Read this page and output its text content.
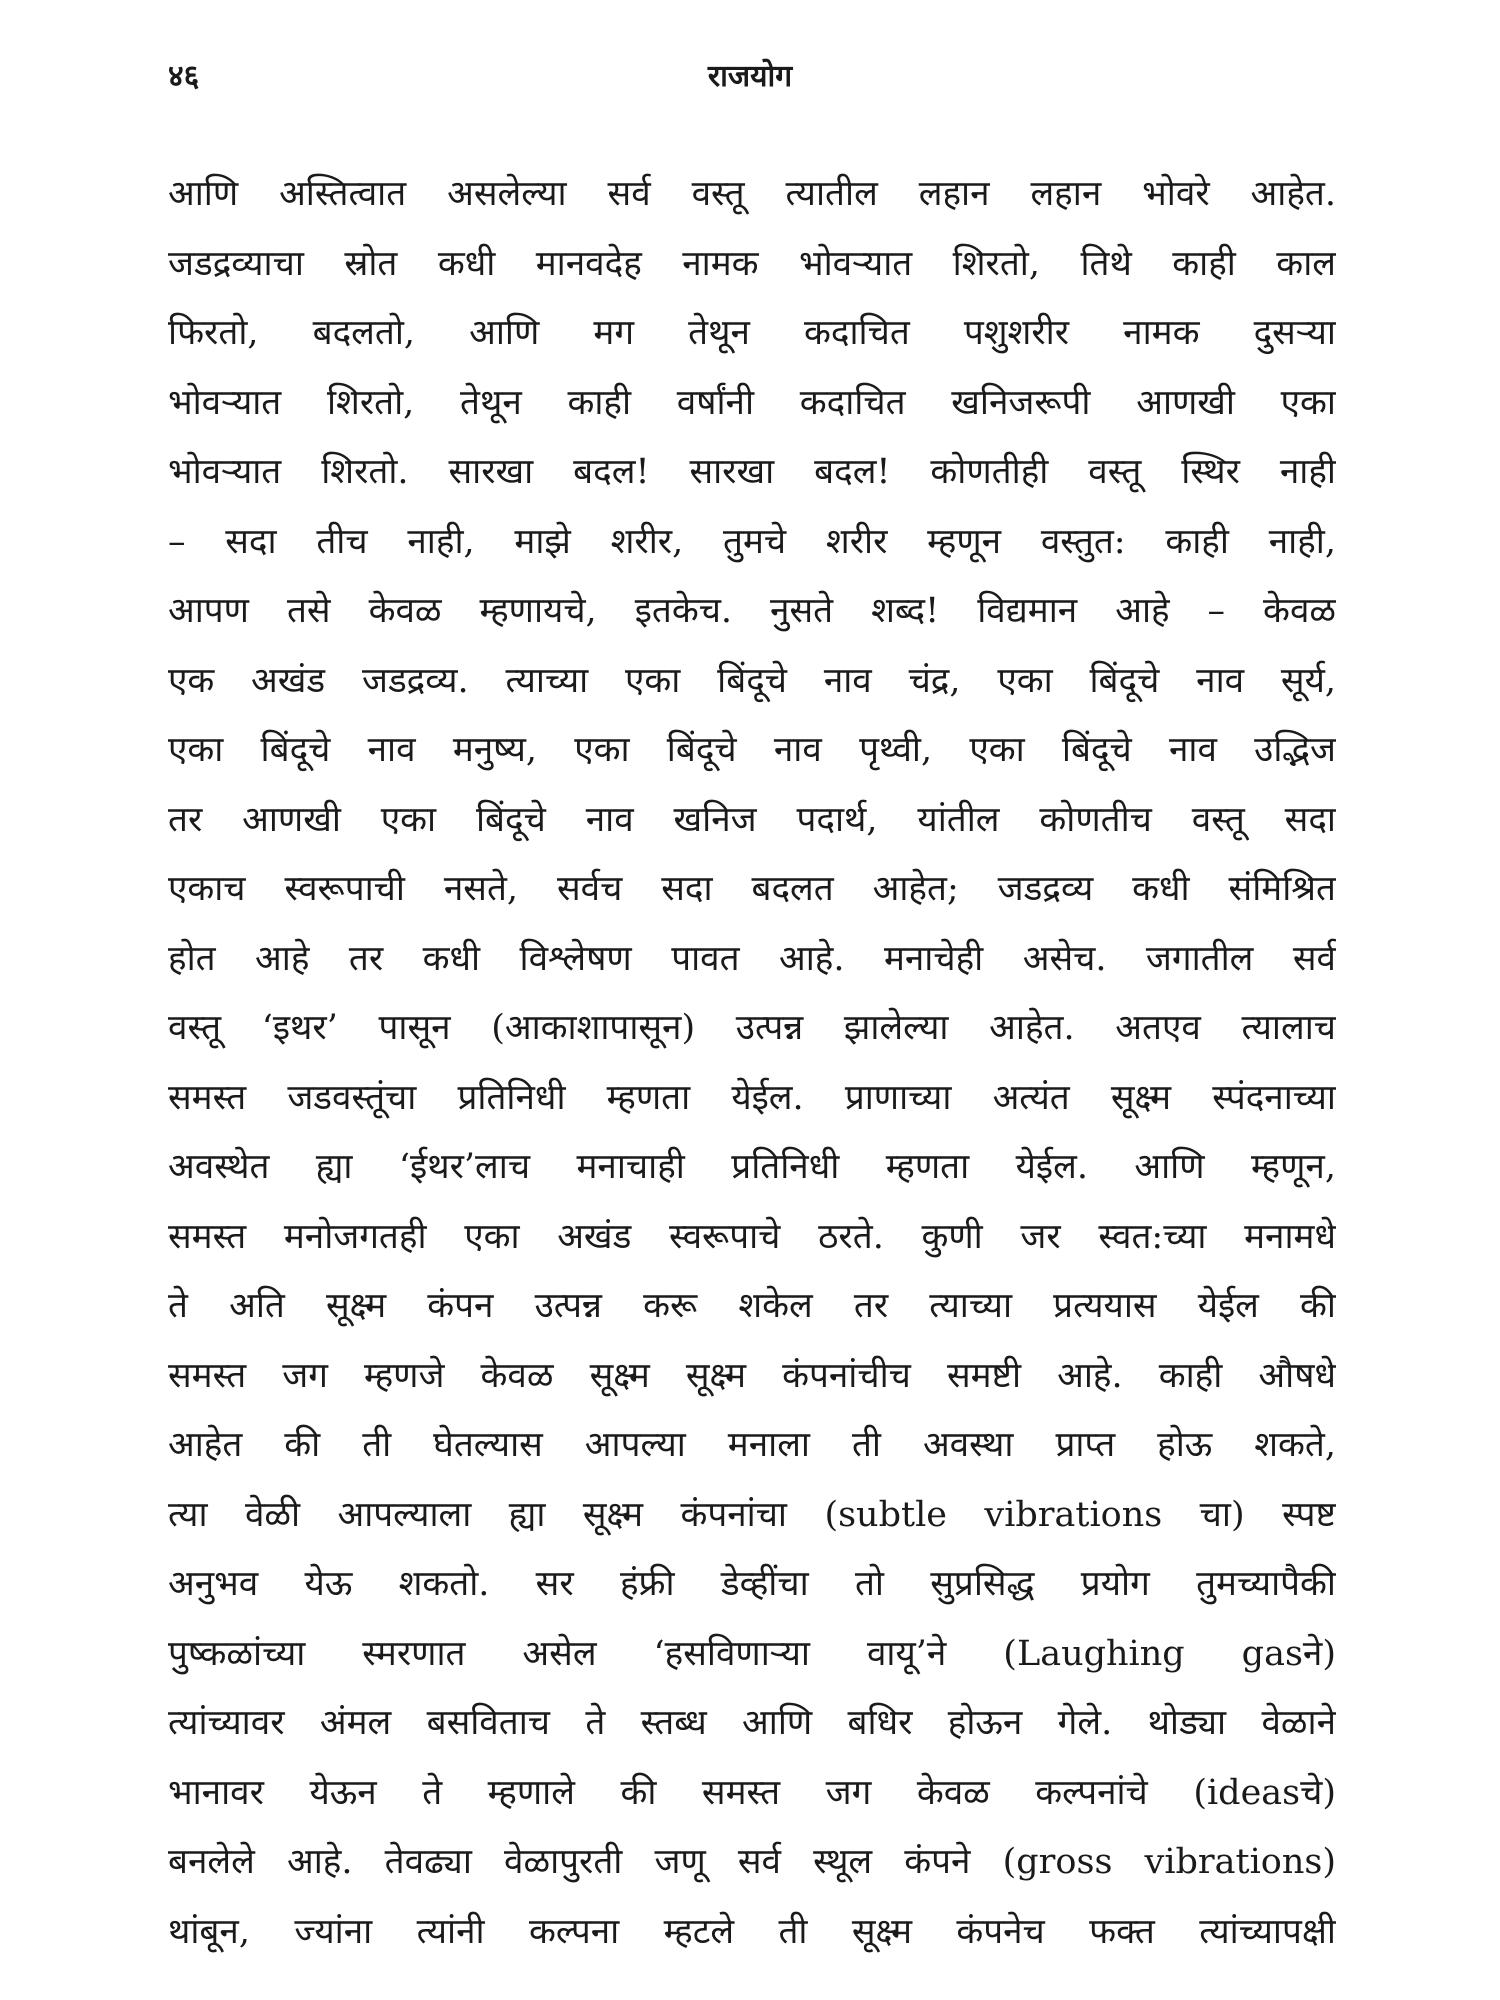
४६	राजयोग
आणि अस्तित्वात असलेल्या सर्व वस्तू त्यातील लहान लहान भोवरे आहेत.
जडद्रव्याचा स्रोत कधी मानवदेह नामक भोवऱ्यात शिरतो, तिथे काही काल
फिरतो, बदलतो, आणि मग तेथून कदाचित पशुशरीर नामक दुसऱ्या
भोवऱ्यात शिरतो, तेथून काही वर्षांनी कदाचित खनिजरूपी आणखी एका
भोवऱ्यात शिरतो. सारखा बदल! सारखा बदल! कोणतीही वस्तू स्थिर नाही
– सदा तीच नाही, माझे शरीर, तुमचे शरीर म्हणून वस्तुत: काही नाही,
आपण तसे केवळ म्हणायचे, इतकेच. नुसते शब्द! विद्यमान आहे – केवळ
एक अखंड जडद्रव्य. त्याच्या एका बिंदूचे नाव चंद्र, एका बिंदूचे नाव सूर्य,
एका बिंदूचे नाव मनुष्य, एका बिंदूचे नाव पृथ्वी, एका बिंदूचे नाव उद्भिज
तर आणखी एका बिंदूचे नाव खनिज पदार्थ, यांतील कोणतीच वस्तू सदा
एकाच स्वरूपाची नसते, सर्वच सदा बदलत आहेत; जडद्रव्य कधी संमिश्रित
होत आहे तर कधी विश्लेषण पावत आहे. मनाचेही असेच. जगातील सर्व
वस्तू ‘इथर’ पासून (आकाशापासून) उत्पन्न झालेल्या आहेत. अतएव त्यालाच
समस्त जडवस्तूंचा प्रतिनिधी म्हणता येईल. प्राणाच्या अत्यंत सूक्ष्म स्पंदनाच्या
अवस्थेत ह्या ‘ईथर’लाच मनाचाही प्रतिनिधी म्हणता येईल. आणि म्हणून,
समस्त मनोजगतही एका अखंड स्वरूपाचे ठरते. कुणी जर स्वत:च्या मनामधे
ते अति सूक्ष्म कंपन उत्पन्न करू शकेल तर त्याच्या प्रत्ययास येईल की
समस्त जग म्हणजे केवळ सूक्ष्म सूक्ष्म कंपनांचीच समष्टी आहे. काही औषधे
आहेत की ती घेतल्यास आपल्या मनाला ती अवस्था प्राप्त होऊ शकते,
त्या वेळी आपल्याला ह्या सूक्ष्म कंपनांचा (subtle vibrations चा) स्पष्ट
अनुभव येऊ शकतो. सर हंफ्री डेव्हींचा तो सुप्रसिद्ध प्रयोग तुमच्यापैकी
पुष्कळांच्या स्मरणात असेल ‘हसविणाऱ्या वायू’ने (Laughing gasने)
त्यांच्यावर अंमल बसविताच ते स्तब्ध आणि बधिर होऊन गेले. थोड्या वेळाने
भानावर येऊन ते म्हणाले की समस्त जग केवळ कल्पनांचे (ideasचे)
बनलेले आहे. तेवढ्या वेळापुरती जणू सर्व स्थूल कंपने (gross vibrations)
थांबून, ज्यांना त्यांनी कल्पना म्हटले ती सूक्ष्म कंपनेच फक्त त्यांच्यापक्षी
